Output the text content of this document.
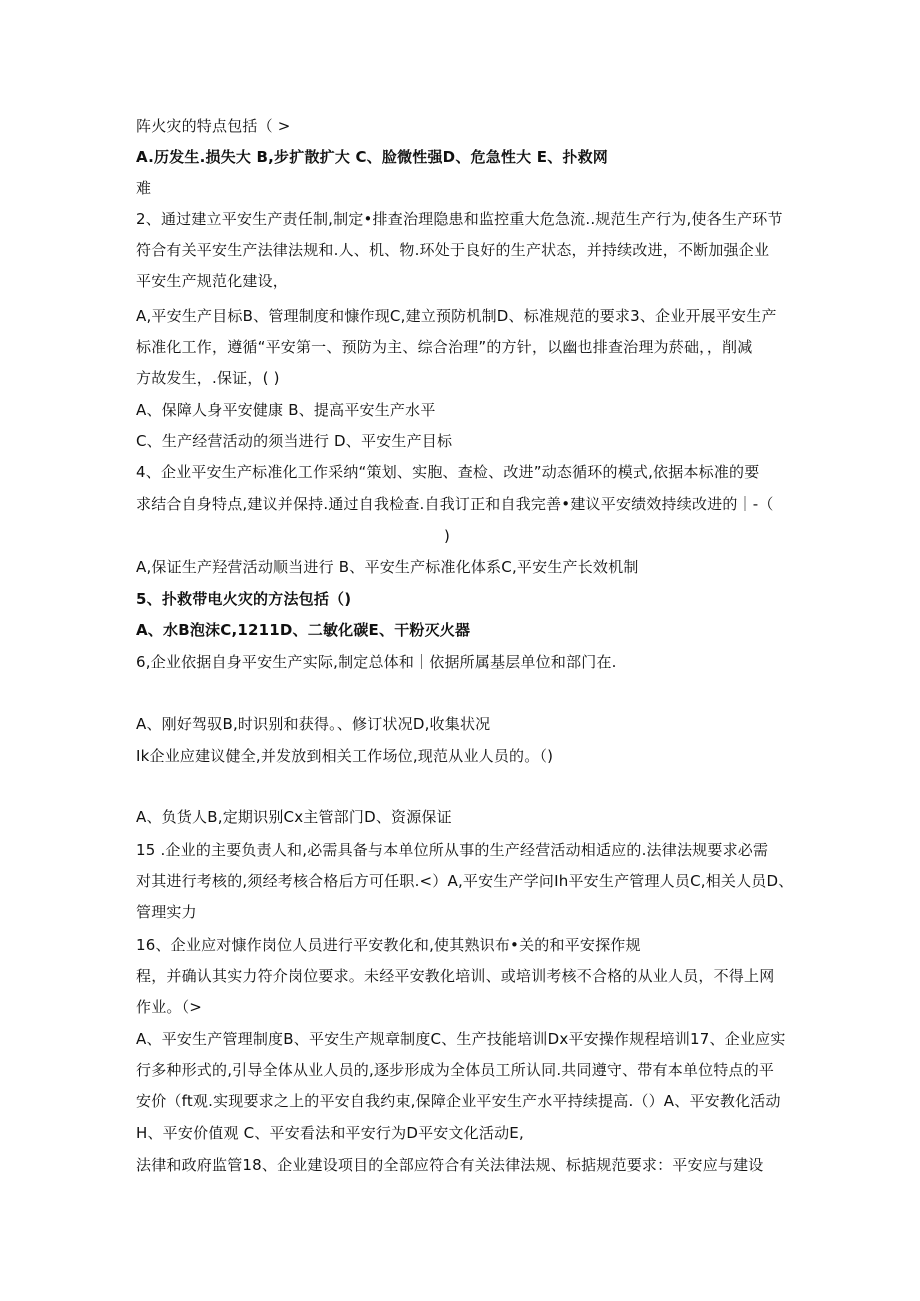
阵火灾的特点包括（ >
A.历发生.损失大 B,步扩散扩大 C、脸微性强D、危急性大 E、扑救网
难
2、通过建立平安生产责任制,制定•排查治理隐患和监控重大危急流..规范生产行为,使各生产环节
符合有关平安生产法律法规和.人、机、物.环处于良好的生产状态，并持续改进，不断加强企业
平安生产规范化建设，
A,平安生产目标B、管理制度和慷作现C,建立预防机制D、标准规范的要求3、企业开展平安生产
标准化工作，遵循“平安第一、预防为主、综合治理”的方针，以幽也排查治理为菸础，，削减
方故发生，.保证，( )
A、保障人身平安健康 B、提高平安生产水平
C、生产经营活动的须当进行 D、平安生产目标
4、企业平安生产标准化工作采纳“策划、实胞、查检、改进”动态循环的模式,依据本标准的要
求结合自身特点,建议并保持.通过自我检查.自我订正和自我完善•建议平安绩效持续改进的｜-（
)
A,保证生产羟营活动顺当进行 B、平安生产标准化体系C,平安生产长效机制
5、扑救带电火灾的方法包括（)
A、水B泡沫C,1211D、二敏化碳E、干粉灭火器
6,企业依据自身平安生产实际,制定总体和｜依据所属基层单位和部门在.
A、刚好驾驭B,时识别和获得。、修订状况D,收集状况
Ik企业应建议健全,并发放到相关工作场位,现范从业人员的。（)
A、负货人B,定期识别Cx主管部门D、资源保证
15 .企业的主要负责人和,必需具备与本单位所从事的生产经营活动相适应的.法律法规要求必需
对其进行考核的,须经考核合格后方可任职.<）A,平安生产学问Ih平安生产管理人员C,相关人员D、
管理实力
16、企业应对慷作岗位人员进行平安教化和,使其熟识布•关的和平安探作规
程，并确认其实力符介岗位要求。未经平安教化培训、或培训考核不合格的从业人员，不得上网
作业。（>
A、平安生产管理制度B、平安生产规章制度C、生产技能培训Dx平安操作规程培训17、企业应实
行多种形式的,引导全体从业人员的,逐步形成为全体员工所认同.共同遵守、带有本单位特点的平
安价（ft观.实现要求之上的平安自我约束,保障企业平安生产水平持续提高.（）A、平安教化活动
H、平安价值观 C、平安看法和平安行为D平安文化活动E,
法律和政府监管18、企业建设项目的全部应符合有关法律法规、标掂规范要求：平安应与建设
